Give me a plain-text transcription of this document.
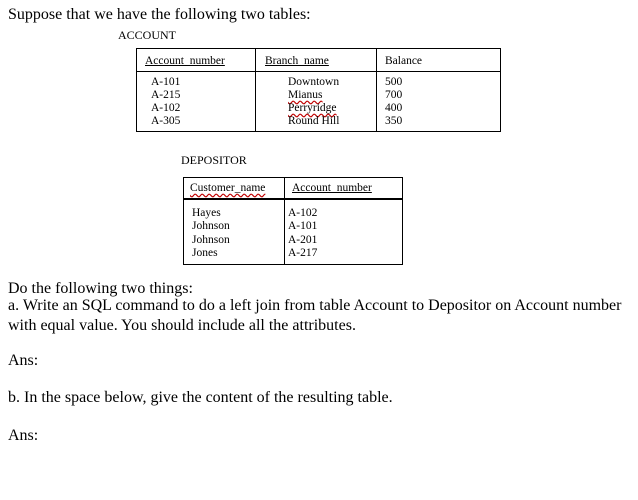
Suppose that we have the following two tables:
ACCOUNT
Account_number	Branch_name	Balance
A-101
A-215
A-102
A-305
Downtown
Mianus
Perryridge
Round Hill
500
700
400
350
DEPOSITOR
Customer_name Account_number
Hayes
Johnson
Johnson
Jones
A-102
A-101
A-201
A-217
Do the following two things:
a. Write an SQL command to do a left join from table Account to Depositor on Account number
with equal value. You should include all the attributes.
Ans:
b. In the space below, give the content of the resulting table.
Ans:
